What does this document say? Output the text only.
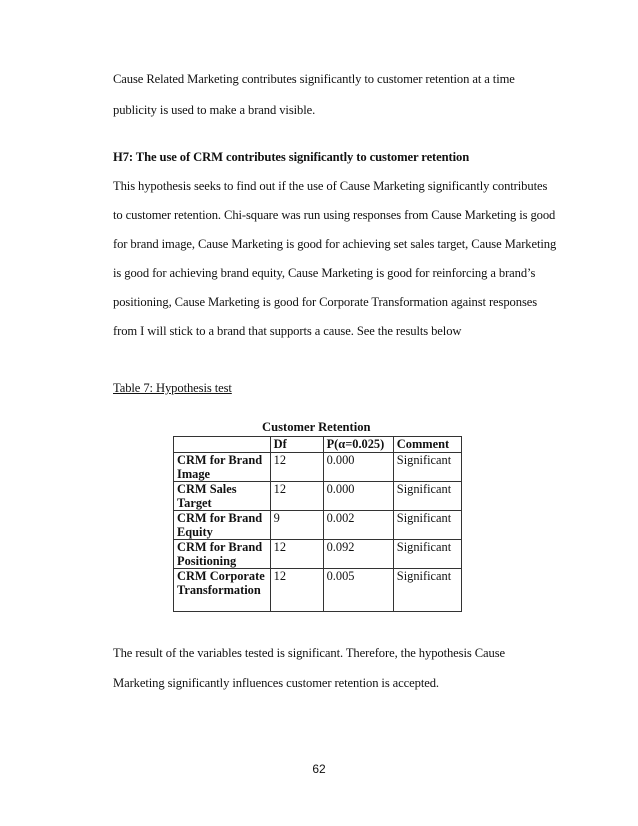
Cause Related Marketing contributes significantly to customer retention at a time
publicity is used to make a brand visible.
H7: The use of CRM contributes significantly to customer retention
This hypothesis seeks to find out if the use of Cause Marketing significantly contributes
to customer retention. Chi-square was run using responses from Cause Marketing is good
for brand image, Cause Marketing is good for achieving set sales target, Cause Marketing
is good for achieving brand equity, Cause Marketing is good for reinforcing a brand’s
positioning, Cause Marketing is good for Corporate Transformation against responses
from I will stick to a brand that supports a cause. See the results below
Table 7: Hypothesis test
Customer Retention
	Df	P(α=0.025)	Comment
CRM for Brand Image	12	0.000	Significant
CRM Sales Target	12	0.000	Significant
CRM for Brand Equity	9	0.002	Significant
CRM for Brand Positioning	12	0.092	Significant
CRM Corporate Transformation	12	0.005	Significant
The result of the variables tested is significant. Therefore, the hypothesis Cause
Marketing significantly influences customer retention is accepted.
62
